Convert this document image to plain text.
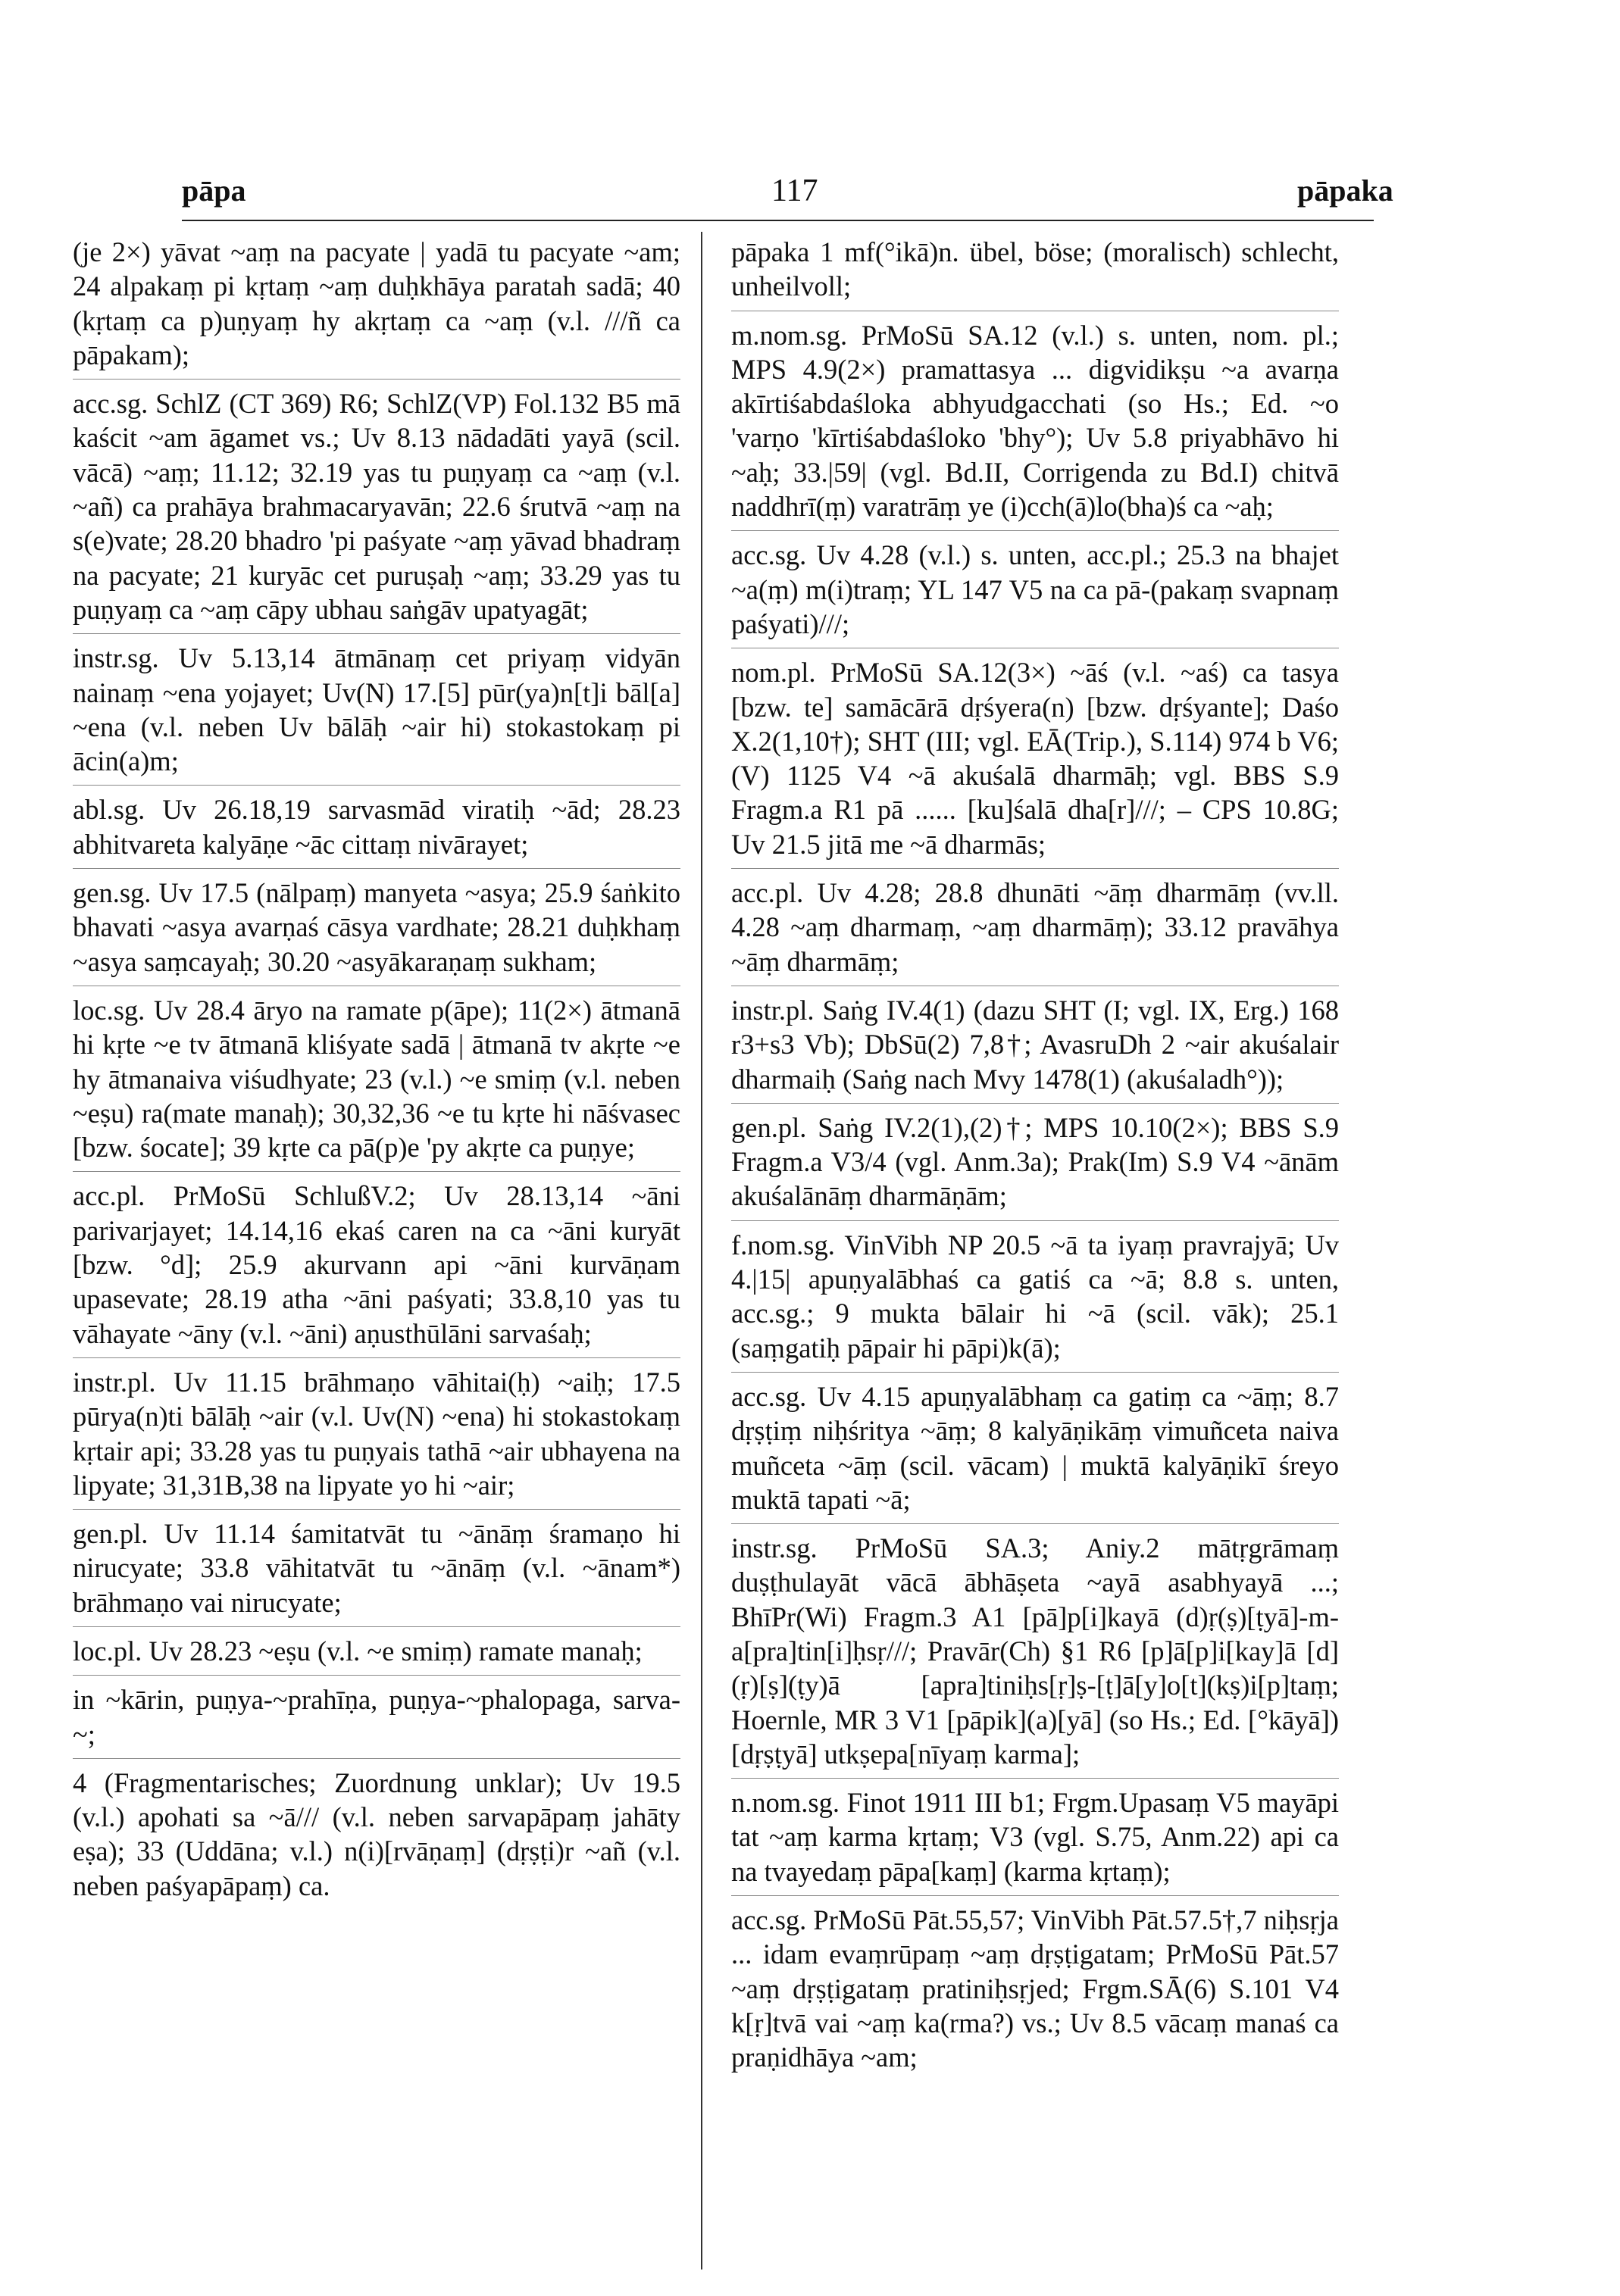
pāpa	117	pāpaka

(je 2×) yāvat ~aṃ na pacyate | yadā tu pacyate ~am; 24 alpakaṃ pi kṛtaṃ ~aṃ duḥkhāya paratah sadā; 40 (kṛtaṃ ca p)uṇyaṃ hy akṛtaṃ ca ~aṃ (v.l. ///ñ ca pāpakam);

acc.sg. SchlZ (CT 369) R6; SchlZ(VP) Fol.132 B5 mā kaścit ~am āgamet vs.; Uv 8.13 nādadāti yayā (scil. vācā) ~aṃ; 11.12; 32.19 yas tu puṇyaṃ ca ~aṃ (v.l. ~añ) ca prahāya brahmacaryavān; 22.6 śrutvā ~aṃ na s(e)vate; 28.20 bhadro 'pi paśyate ~aṃ yāvad bhadraṃ na pacyate; 21 kuryāc cet puruṣaḥ ~aṃ; 33.29 yas tu puṇyaṃ ca ~aṃ cāpy ubhau saṅgāv upatyagāt;

instr.sg. Uv 5.13,14 ātmānaṃ cet priyaṃ vidyān nainaṃ ~ena yojayet; Uv(N) 17.[5] pūr(ya)n[t]i bāl[a] ~ena (v.l. neben Uv bālāḥ ~air hi) stokastokaṃ pi ācin(a)m;

abl.sg. Uv 26.18,19 sarvasmād viratiḥ ~ād; 28.23 abhitvareta kalyāṇe ~āc cittaṃ nivārayet;

gen.sg. Uv 17.5 (nālpaṃ) manyeta ~asya; 25.9 śaṅkito bhavati ~asya avarṇaś cāsya vardhate; 28.21 duḥkhaṃ ~asya saṃcayaḥ; 30.20 ~asyākaraṇaṃ sukham;

loc.sg. Uv 28.4 āryo na ramate p(āpe); 11(2×) ātmanā hi kṛte ~e tv ātmanā kliśyate sadā | ātmanā tv akṛte ~e hy ātmanaiva viśudhyate; 23 (v.l.) ~e smiṃ (v.l. neben ~eṣu) ra(mate manaḥ); 30,32,36 ~e tu kṛte hi nāśvasec [bzw. śocate]; 39 kṛte ca pā(p)e 'py akṛte ca puṇye;

acc.pl. PrMoSū SchlußV.2; Uv 28.13,14 ~āni parivarjayet; 14.14,16 ekaś caren na ca ~āni kuryāt [bzw. °d]; 25.9 akurvann api ~āni kurvāṇam upasevate; 28.19 atha ~āni paśyati; 33.8,10 yas tu vāhayate ~āny (v.l. ~āni) aṇusthūlāni sarvaśaḥ;

instr.pl. Uv 11.15 brāhmaṇo vāhitai(ḥ) ~aiḥ; 17.5 pūrya(n)ti bālāḥ ~air (v.l. Uv(N) ~ena) hi stokastokaṃ kṛtair api; 33.28 yas tu puṇyais tathā ~air ubhayena na lipyate; 31,31B,38 na lipyate yo hi ~air;

gen.pl. Uv 11.14 śamitatvāt tu ~ānāṃ śramaṇo hi nirucyate; 33.8 vāhitatvāt tu ~ānāṃ (v.l. ~ānam*) brāhmaṇo vai nirucyate;

loc.pl. Uv 28.23 ~eṣu (v.l. ~e smiṃ) ramate manaḥ;

in ~kārin, puṇya-~prahīṇa, puṇya-~phalopaga, sarva-~;

4 (Fragmentarisches; Zuordnung unklar); Uv 19.5 (v.l.) apohati sa ~ā/// (v.l. neben sarvapāpaṃ jahāty eṣa); 33 (Uddāna; v.l.) n(i)[rvāṇaṃ] (dṛṣṭi)r ~añ (v.l. neben paśyapāpaṃ) ca.

pāpaka 1 mf(°ikā)n. übel, böse; (moralisch) schlecht, unheilvoll;

m.nom.sg. PrMoSū SA.12 (v.l.) s. unten, nom. pl.; MPS 4.9(2×) pramattasya ... digvidikṣu ~a avarṇa akīrtiśabdaśloka abhyudgacchati (so Hs.; Ed. ~o 'varṇo 'kīrtiśabdaśloko 'bhy°); Uv 5.8 priyabhāvo hi ~aḥ; 33.|59| (vgl. Bd.II, Corrigenda zu Bd.I) chitvā naddhrī(ṃ) varatrāṃ ye (i)cch(ā)lo(bha)ś ca ~aḥ;

acc.sg. Uv 4.28 (v.l.) s. unten, acc.pl.; 25.3 na bhajet ~a(ṃ) m(i)traṃ; YL 147 V5 na ca pā-(pakaṃ svapnaṃ paśyati)///;

nom.pl. PrMoSū SA.12(3×) ~āś (v.l. ~aś) ca tasya [bzw. te] samācārā dṛśyera(n) [bzw. dṛśyante]; Daśo X.2(1,10†); SHT (III; vgl. EĀ(Trip.), S.114) 974 b V6; (V) 1125 V4 ~ā akuśalā dharmāḥ; vgl. BBS S.9 Fragm.a R1 pā ...... [ku]śalā dha[r]///; – CPS 10.8G; Uv 21.5 jitā me ~ā dharmās;

acc.pl. Uv 4.28; 28.8 dhunāti ~āṃ dharmāṃ (vv.ll. 4.28 ~aṃ dharmaṃ, ~aṃ dharmāṃ); 33.12 pravāhya ~āṃ dharmāṃ;

instr.pl. Saṅg IV.4(1) (dazu SHT (I; vgl. IX, Erg.) 168 r3+s3 Vb); DbSū(2) 7,8†; AvasruDh 2 ~air akuśalair dharmaiḥ (Saṅg nach Mvy 1478(1) (akuśaladh°));

gen.pl. Saṅg IV.2(1),(2)†; MPS 10.10(2×); BBS S.9 Fragm.a V3/4 (vgl. Anm.3a); Prak(Im) S.9 V4 ~ānām akuśalānāṃ dharmāṇām;

f.nom.sg. VinVibh NP 20.5 ~ā ta iyaṃ pravrajyā; Uv 4.|15| apuṇyalābhaś ca gatiś ca ~ā; 8.8 s. unten, acc.sg.; 9 mukta bālair hi ~ā (scil. vāk); 25.1 (saṃgatiḥ pāpair hi pāpi)k(ā);

acc.sg. Uv 4.15 apuṇyalābhaṃ ca gatiṃ ca ~āṃ; 8.7 dṛṣṭiṃ niḥśritya ~āṃ; 8 kalyāṇikāṃ vimuñceta naiva muñceta ~āṃ (scil. vācam) | muktā kalyāṇikī śreyo muktā tapati ~ā;

instr.sg. PrMoSū SA.3; Aniy.2 mātṛgrāmaṃ duṣṭhulayāt vācā ābhāṣeta ~ayā asabhyayā ...; BhīPr(Wi) Fragm.3 A1 [pā]p[i]kayā (d)ṛ(ṣ)[ṭyā]-m-a[pra]tin[i]ḥsṛ///; Pravār(Ch) §1 R6 [p]ā[p]i[kay]ā [d](ṛ)[ṣ](ṭy)ā [apra]tiniḥs[ṛ]ṣ-[ṭ]ā[y]o[t](kṣ)i[p]taṃ; Hoernle, MR 3 V1 [pāpik](a)[yā] (so Hs.; Ed. [°kāyā]) [dṛṣṭyā] utkṣepa[nīyaṃ karma];

n.nom.sg. Finot 1911 III b1; Frgm.Upasaṃ V5 mayāpi tat ~aṃ karma kṛtaṃ; V3 (vgl. S.75, Anm.22) api ca na tvayedaṃ pāpa[kaṃ] (karma kṛtaṃ);

acc.sg. PrMoSū Pāt.55,57; VinVibh Pāt.57.5†,7 niḥsṛja ... idam evaṃrūpaṃ ~aṃ dṛṣṭigatam; PrMoSū Pāt.57 ~aṃ dṛṣṭigataṃ pratiniḥsṛjed; Frgm.SĀ(6) S.101 V4 k[ṛ]tvā vai ~aṃ ka(rma?) vs.; Uv 8.5 vācaṃ manaś ca praṇidhāya ~am;
